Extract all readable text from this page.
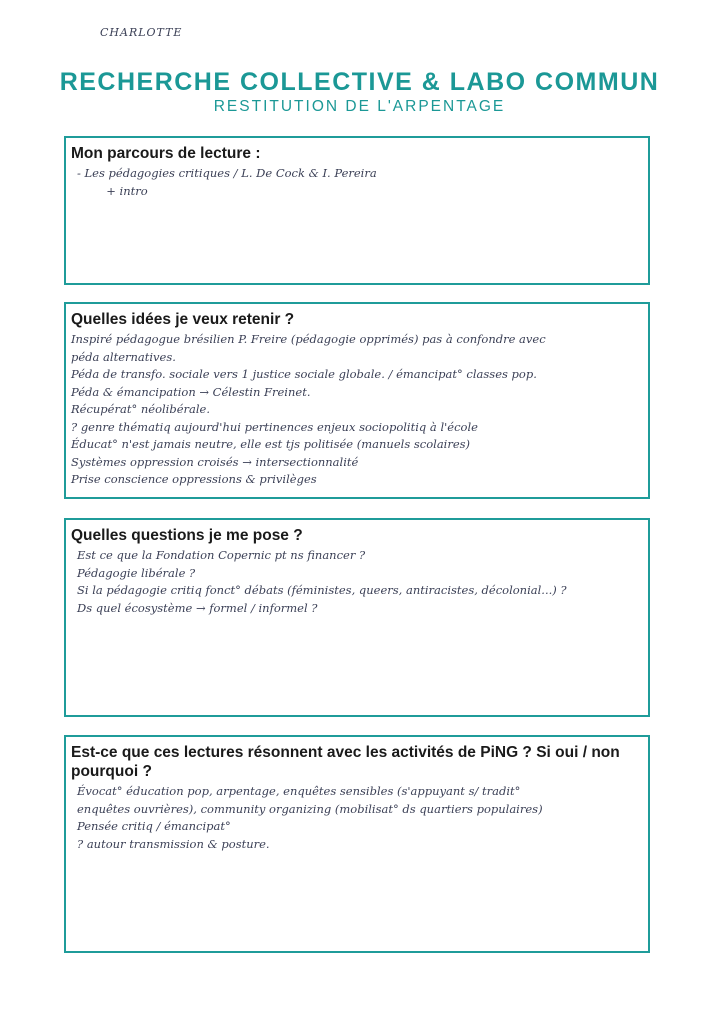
CHARLOTTE
RECHERCHE COLLECTIVE & LABO COMMUN
RESTITUTION DE L'ARPENTAGE
Mon parcours de lecture :
- Les pédagogies critiques / L. De Cock & I. Pereira
+ intro
Quelles idées je veux retenir ?
Inspiré pédagogue brésilien P. Freire (pédagogie opprimés) pas à confondre avec
péda alternatives.
Péda de transfo. sociale vers 1 justice sociale globale. / émancipat° classes pop.
Péda & émancipation → Célestin Freinet.
Récupérat° néolibérale.
? genre thématiq aujourd'hui pertinences enjeux sociopolitiq à l'école
Éducat° n'est jamais neutre, elle est tjs politisée (manuels scolaires)
Systèmes oppression croisés → intersectionnalité
Prise conscience oppressions & privilèges
Quelles questions je me pose ?
Est ce que la Fondation Copernic pt ns financer ?
Pédagogie libérale ?
Si la pédagogie critiq fonct° débats (féministes, queers, antiracistes, décolonial...) ?
Ds quel écosystème → formel / informel ?
Est-ce que ces lectures résonnent avec les activités de PiNG ? Si oui / non pourquoi ?
Évocat° éducation pop, arpentage, enquêtes sensibles (s'appuyant s/ tradit°
enquêtes ouvrières), community organizing (mobilisat° ds quartiers populaires)
Pensée critiq / émancipat°
? autour transmission & posture.
